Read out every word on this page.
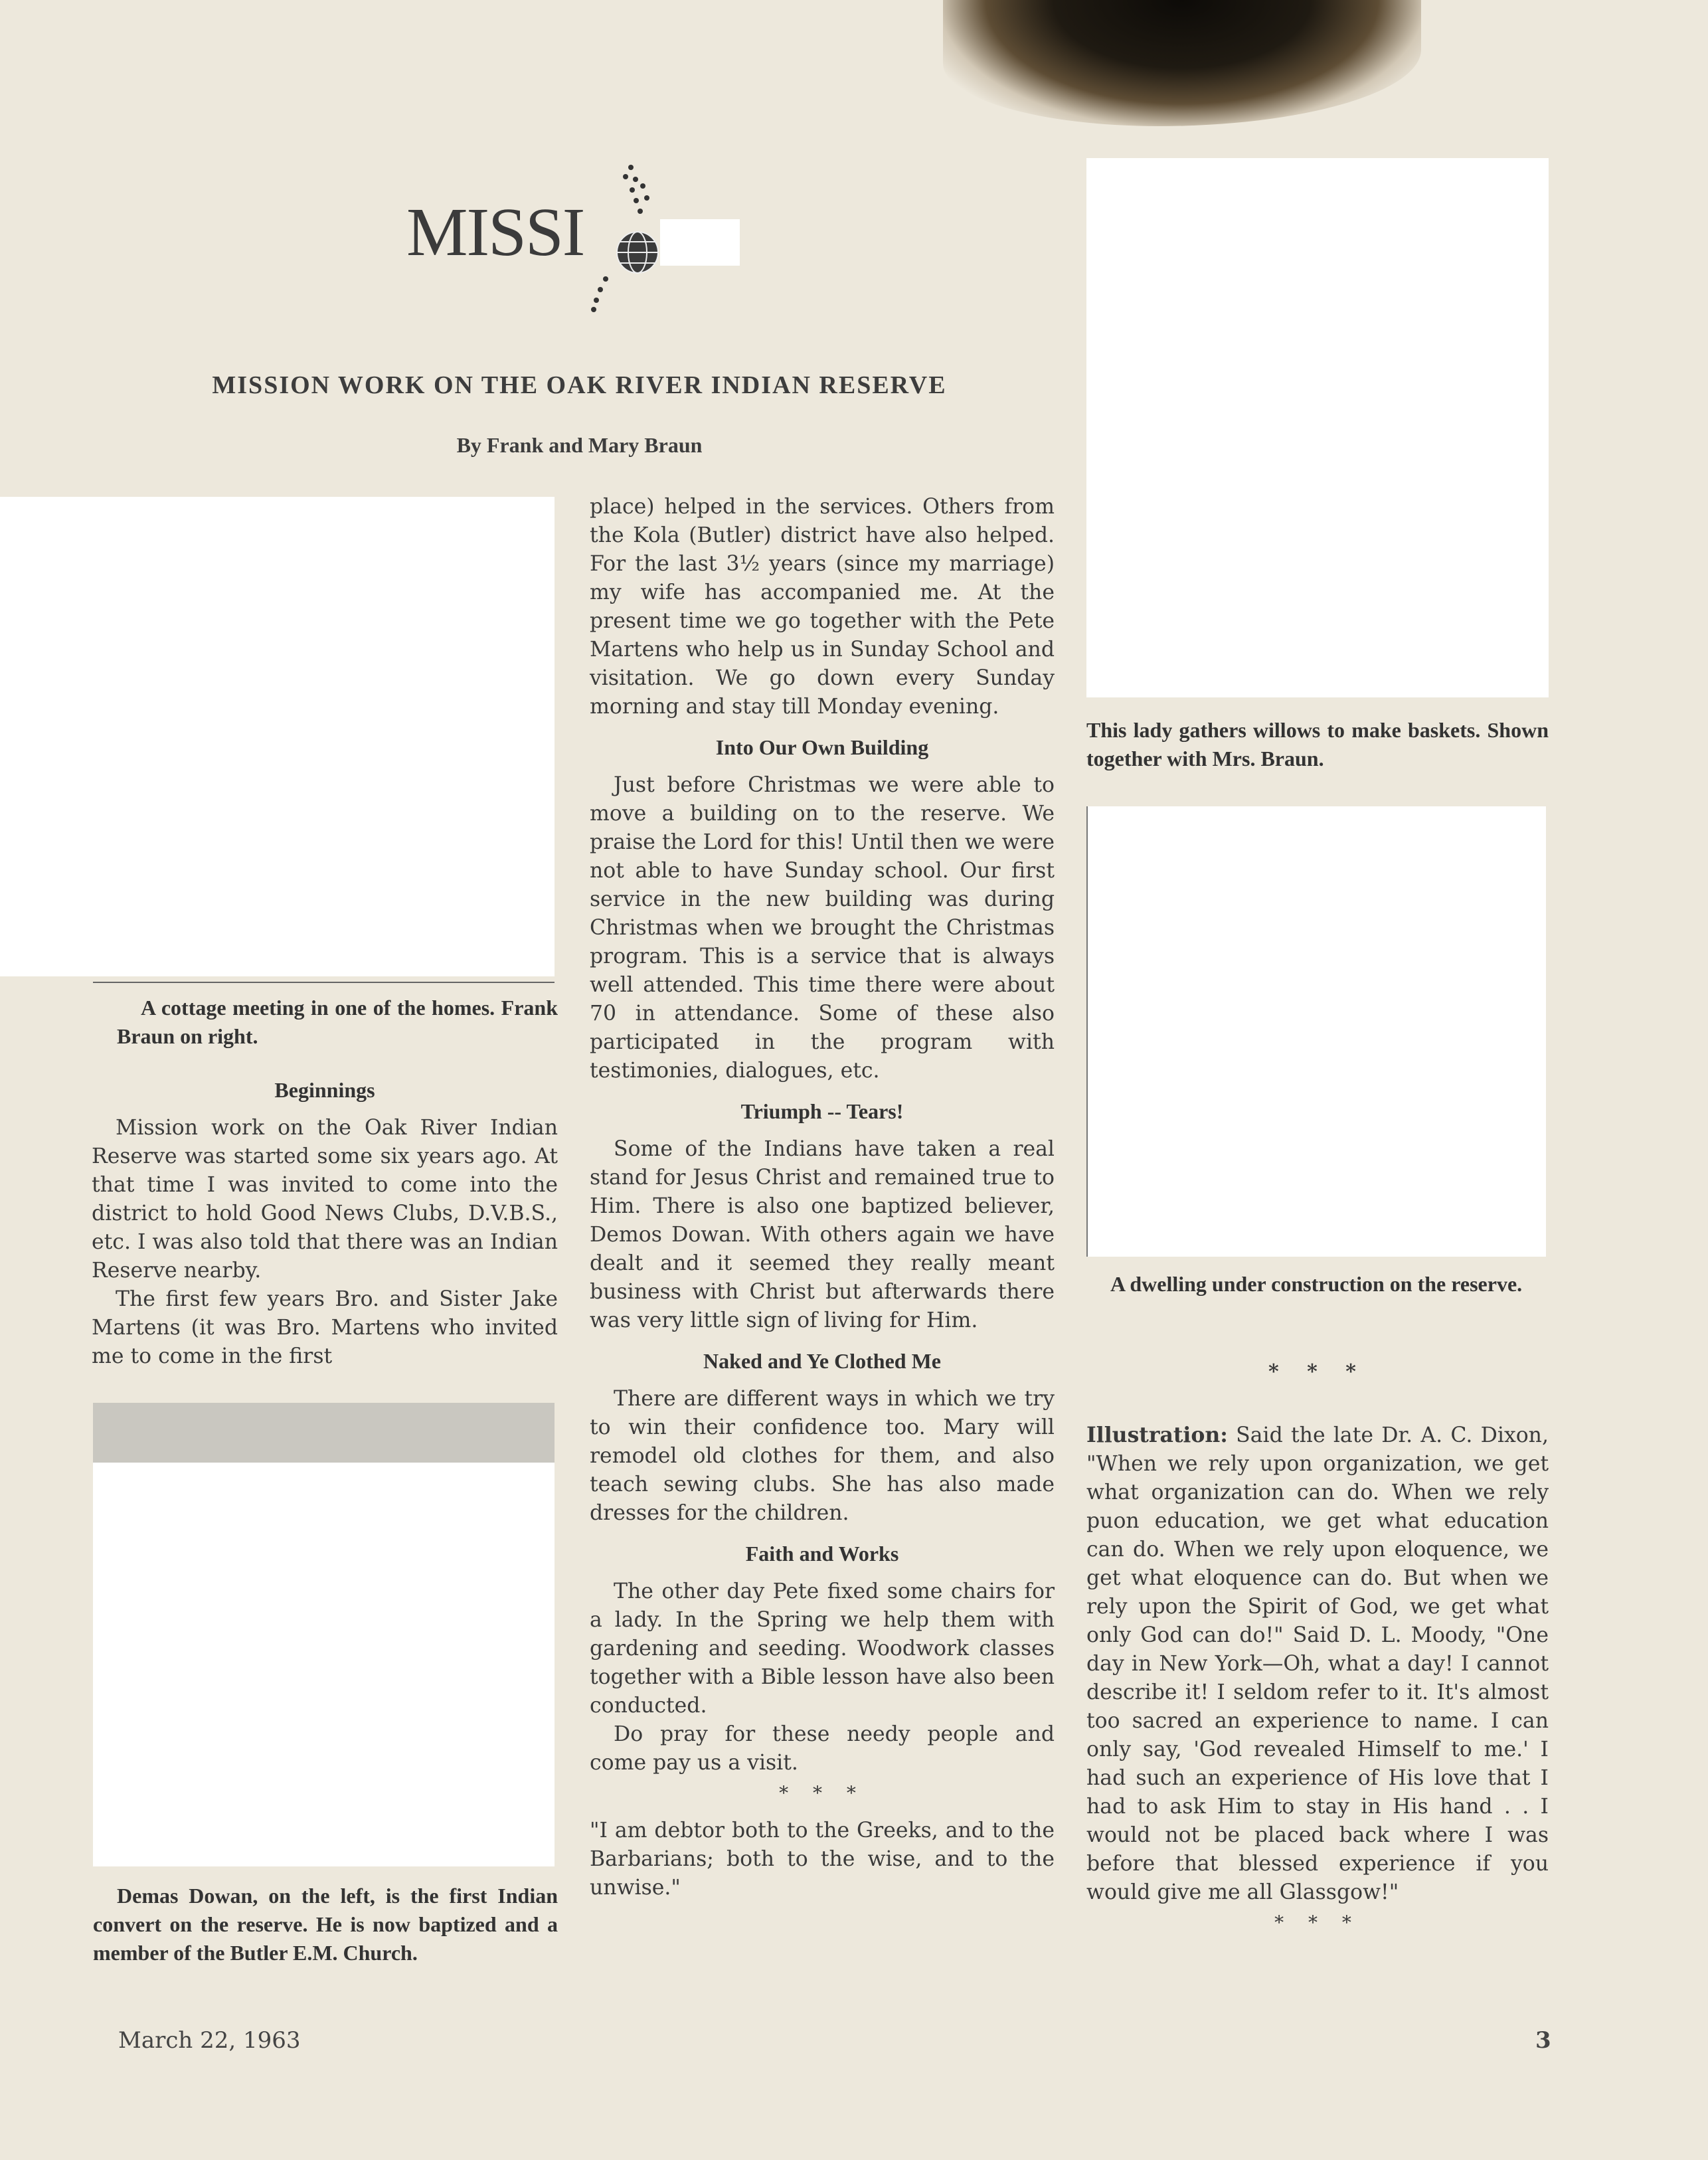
MISSI
MISSION WORK ON THE OAK RIVER INDIAN RESERVE
By Frank and Mary Braun

A cottage meeting in one of the homes. Frank Braun on right.

Beginnings

Mission work on the Oak River Indian Reserve was started some six years ago. At that time I was invited to come into the district to hold Good News Clubs, D.V.B.S., etc. I was also told that there was an Indian Reserve nearby.

The first few years Bro. and Sister Jake Martens (it was Bro. Martens who invited me to come in the first

Demas Dowan, on the left, is the first Indian convert on the reserve. He is now baptized and a member of the Butler E.M. Church.

place) helped in the services. Others from the Kola (Butler) district have also helped. For the last 3½ years (since my marriage) my wife has accompanied me. At the present time we go together with the Pete Martens who help us in Sunday School and visitation. We go down every Sunday morning and stay till Monday evening.

Into Our Own Building

Just before Christmas we were able to move a building on to the reserve. We praise the Lord for this! Until then we were not able to have Sunday school. Our first service in the new building was during Christmas when we brought the Christmas program. This is a service that is always well attended. This time there were about 70 in attendance. Some of these also participated in the program with testimonies, dialogues, etc.

Triumph -- Tears!

Some of the Indians have taken a real stand for Jesus Christ and remained true to Him. There is also one baptized believer, Demos Dowan. With others again we have dealt and it seemed they really meant business with Christ but afterwards there was very little sign of living for Him.

Naked and Ye Clothed Me

There are different ways in which we try to win their confidence too. Mary will remodel old clothes for them, and also teach sewing clubs. She has also made dresses for the children.

Faith and Works

The other day Pete fixed some chairs for a lady. In the Spring we help them with gardening and seeding. Woodwork classes together with a Bible lesson have also been conducted.

Do pray for these needy people and come pay us a visit.

* * *

"I am debtor both to the Greeks, and to the Barbarians; both to the wise, and to the unwise."

This lady gathers willows to make baskets. Shown together with Mrs. Braun.

A dwelling under construction on the reserve.

* * *

Illustration: Said the late Dr. A. C. Dixon, "When we rely upon organization, we get what organization can do. When we rely puon education, we get what education can do. When we rely upon eloquence, we get what eloquence can do. But when we rely upon the Spirit of God, we get what only God can do!" Said D. L. Moody, "One day in New York—Oh, what a day! I cannot describe it! I seldom refer to it. It's almost too sacred an experience to name. I can only say, 'God revealed Himself to me.' I had such an experience of His love that I had to ask Him to stay in His hand . . I would not be placed back where I was before that blessed experience if you would give me all Glassgow!"

* * *
March 22, 1963	3
